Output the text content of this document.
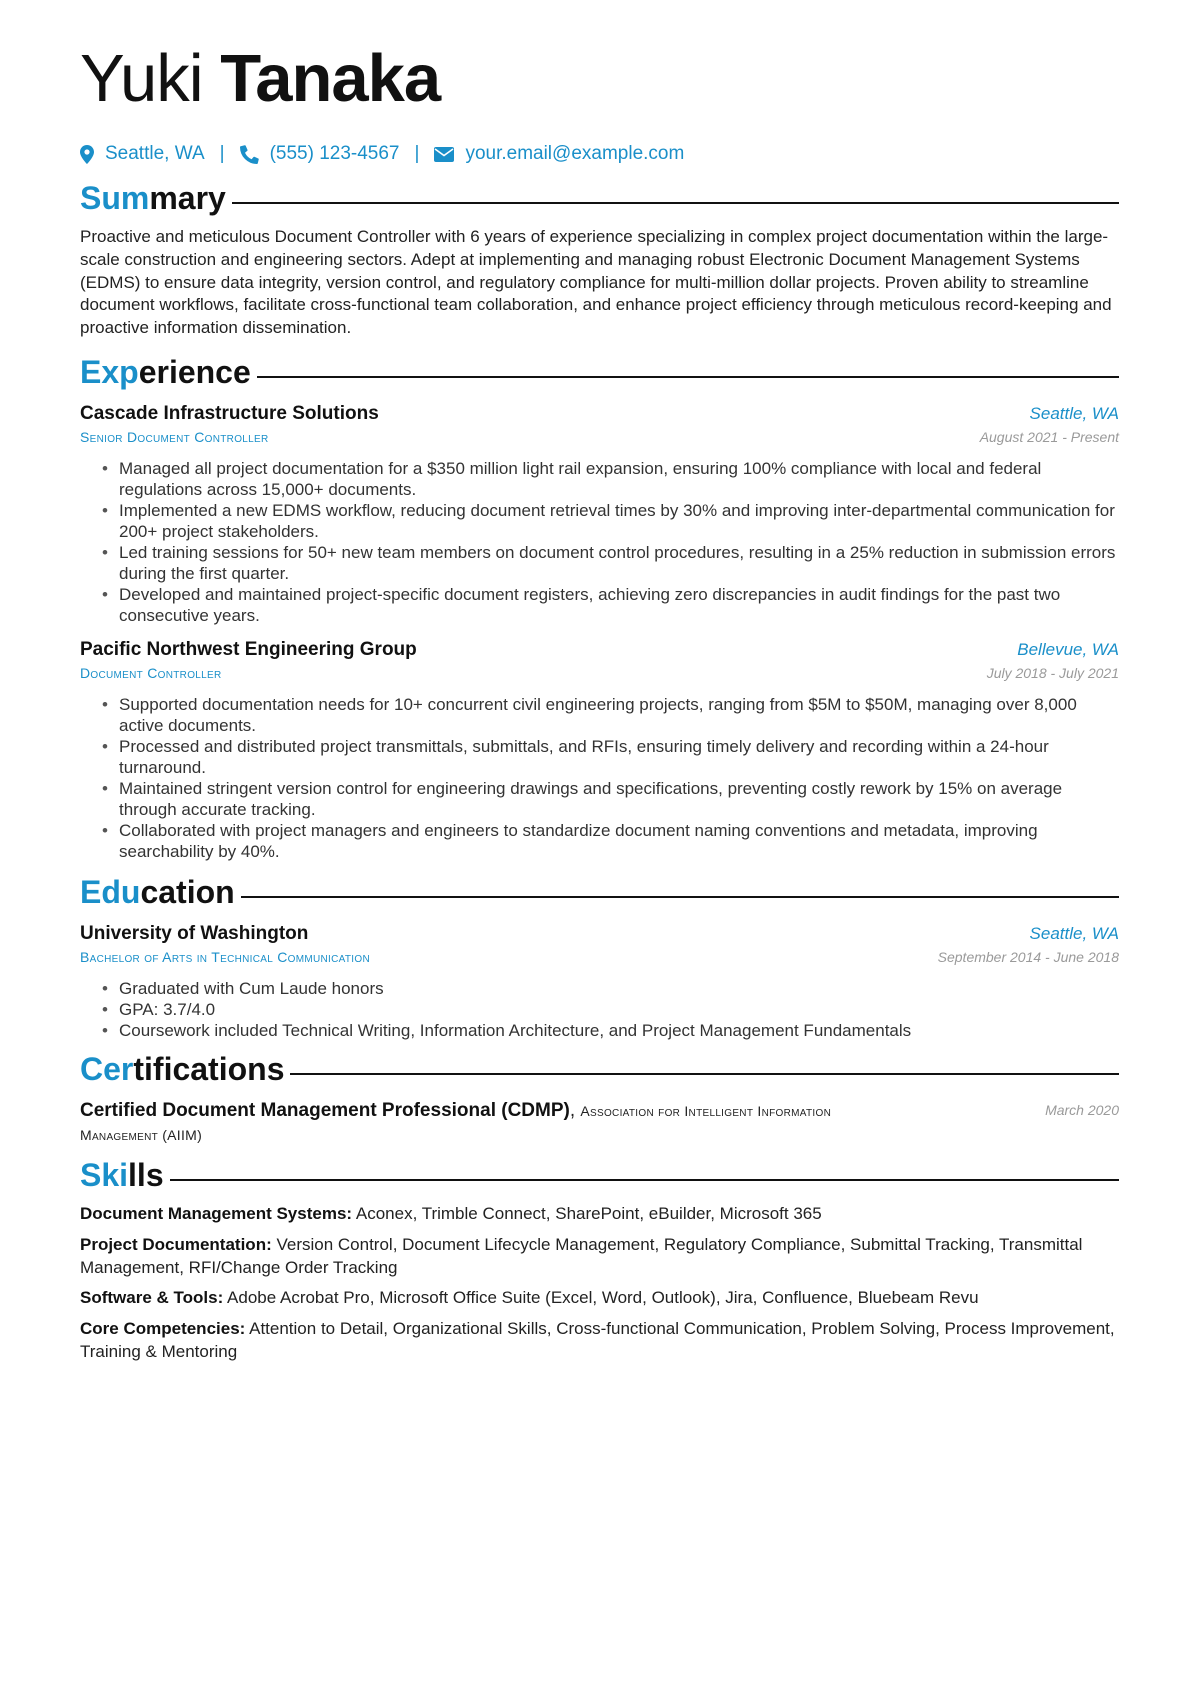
Yuki Tanaka
Seattle, WA | (555) 123-4567 | your.email@example.com
Summary
Proactive and meticulous Document Controller with 6 years of experience specializing in complex project documentation within the large-scale construction and engineering sectors. Adept at implementing and managing robust Electronic Document Management Systems (EDMS) to ensure data integrity, version control, and regulatory compliance for multi-million dollar projects. Proven ability to streamline document workflows, facilitate cross-functional team collaboration, and enhance project efficiency through meticulous record-keeping and proactive information dissemination.
Experience
Cascade Infrastructure Solutions	Seattle, WA
Senior Document Controller	August 2021 - Present
• Managed all project documentation for a $350 million light rail expansion, ensuring 100% compliance with local and federal regulations across 15,000+ documents.
• Implemented a new EDMS workflow, reducing document retrieval times by 30% and improving inter-departmental communication for 200+ project stakeholders.
• Led training sessions for 50+ new team members on document control procedures, resulting in a 25% reduction in submission errors during the first quarter.
• Developed and maintained project-specific document registers, achieving zero discrepancies in audit findings for the past two consecutive years.
Pacific Northwest Engineering Group	Bellevue, WA
Document Controller	July 2018 - July 2021
• Supported documentation needs for 10+ concurrent civil engineering projects, ranging from $5M to $50M, managing over 8,000 active documents.
• Processed and distributed project transmittals, submittals, and RFIs, ensuring timely delivery and recording within a 24-hour turnaround.
• Maintained stringent version control for engineering drawings and specifications, preventing costly rework by 15% on average through accurate tracking.
• Collaborated with project managers and engineers to standardize document naming conventions and metadata, improving searchability by 40%.
Education
University of Washington	Seattle, WA
Bachelor of Arts in Technical Communication	September 2014 - June 2018
• Graduated with Cum Laude honors
• GPA: 3.7/4.0
• Coursework included Technical Writing, Information Architecture, and Project Management Fundamentals
Certifications
Certified Document Management Professional (CDMP), Association for Intelligent Information Management (AIIM)
March 2020
Skills
Document Management Systems: Aconex, Trimble Connect, SharePoint, eBuilder, Microsoft 365
Project Documentation: Version Control, Document Lifecycle Management, Regulatory Compliance, Submittal Tracking, Transmittal Management, RFI/Change Order Tracking
Software & Tools: Adobe Acrobat Pro, Microsoft Office Suite (Excel, Word, Outlook), Jira, Confluence, Bluebeam Revu
Core Competencies: Attention to Detail, Organizational Skills, Cross-functional Communication, Problem Solving, Process Improvement, Training & Mentoring
